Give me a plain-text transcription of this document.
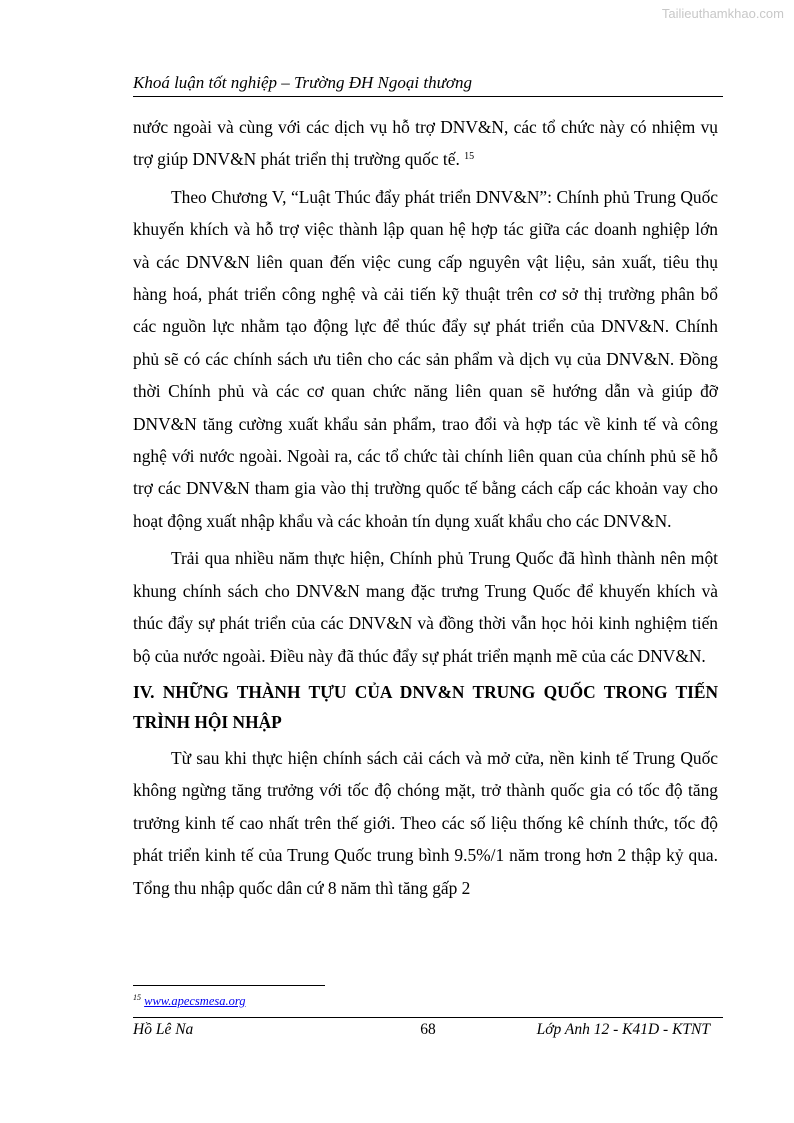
Tailieuthamkhao.com
Khoá luận tốt nghiệp – Trường ĐH Ngoại thương

nước ngoài và cùng với các dịch vụ hỗ trợ DNV&N, các tổ chức này có nhiệm vụ trợ giúp DNV&N phát triển thị trường quốc tế. $^{15}$

Theo Chương V, “Luật Thúc đẩy phát triển DNV&N”: Chính phủ Trung Quốc khuyến khích và hỗ trợ việc thành lập quan hệ hợp tác giữa các doanh nghiệp lớn và các DNV&N liên quan đến việc cung cấp nguyên vật liệu, sản xuất, tiêu thụ hàng hoá, phát triển công nghệ và cải tiến kỹ thuật trên cơ sở thị trường phân bổ các nguồn lực nhằm tạo động lực để thúc đẩy sự phát triển của DNV&N. Chính phủ sẽ có các chính sách ưu tiên cho các sản phẩm và dịch vụ của DNV&N. Đồng thời Chính phủ và các cơ quan chức năng liên quan sẽ hướng dẫn và giúp đỡ DNV&N tăng cường xuất khẩu sản phẩm, trao đổi và hợp tác về kinh tế và công nghệ với nước ngoài. Ngoài ra, các tổ chức tài chính liên quan của chính phủ sẽ hỗ trợ các DNV&N tham gia vào thị trường quốc tế bằng cách cấp các khoản vay cho hoạt động xuất nhập khẩu và các khoản tín dụng xuất khẩu cho các DNV&N.

Trải qua nhiều năm thực hiện, Chính phủ Trung Quốc đã hình thành nên một khung chính sách cho DNV&N mang đặc trưng Trung Quốc để khuyến khích và thúc đẩy sự phát triển của các DNV&N và đồng thời vẫn học hỏi kinh nghiệm tiến bộ của nước ngoài. Điều này đã thúc đẩy sự phát triển mạnh mẽ của các DNV&N.

IV. NHỮNG THÀNH TỰU CỦA DNV&N TRUNG QUỐC TRONG TIẾN TRÌNH HỘI NHẬP

Từ sau khi thực hiện chính sách cải cách và mở cửa, nền kinh tế Trung Quốc không ngừng tăng trưởng với tốc độ chóng mặt, trở thành quốc gia có tốc độ tăng trưởng kinh tế cao nhất trên thế giới. Theo các số liệu thống kê chính thức, tốc độ phát triển kinh tế của Trung Quốc trung bình 9.5%/1 năm trong hơn 2 thập kỷ qua. Tổng thu nhập quốc dân cứ 8 năm thì tăng gấp 2

$^{15}$ www.apecsmesa.org
Hồ Lê Na	68	Lớp Anh 12 - K41D - KTNT
